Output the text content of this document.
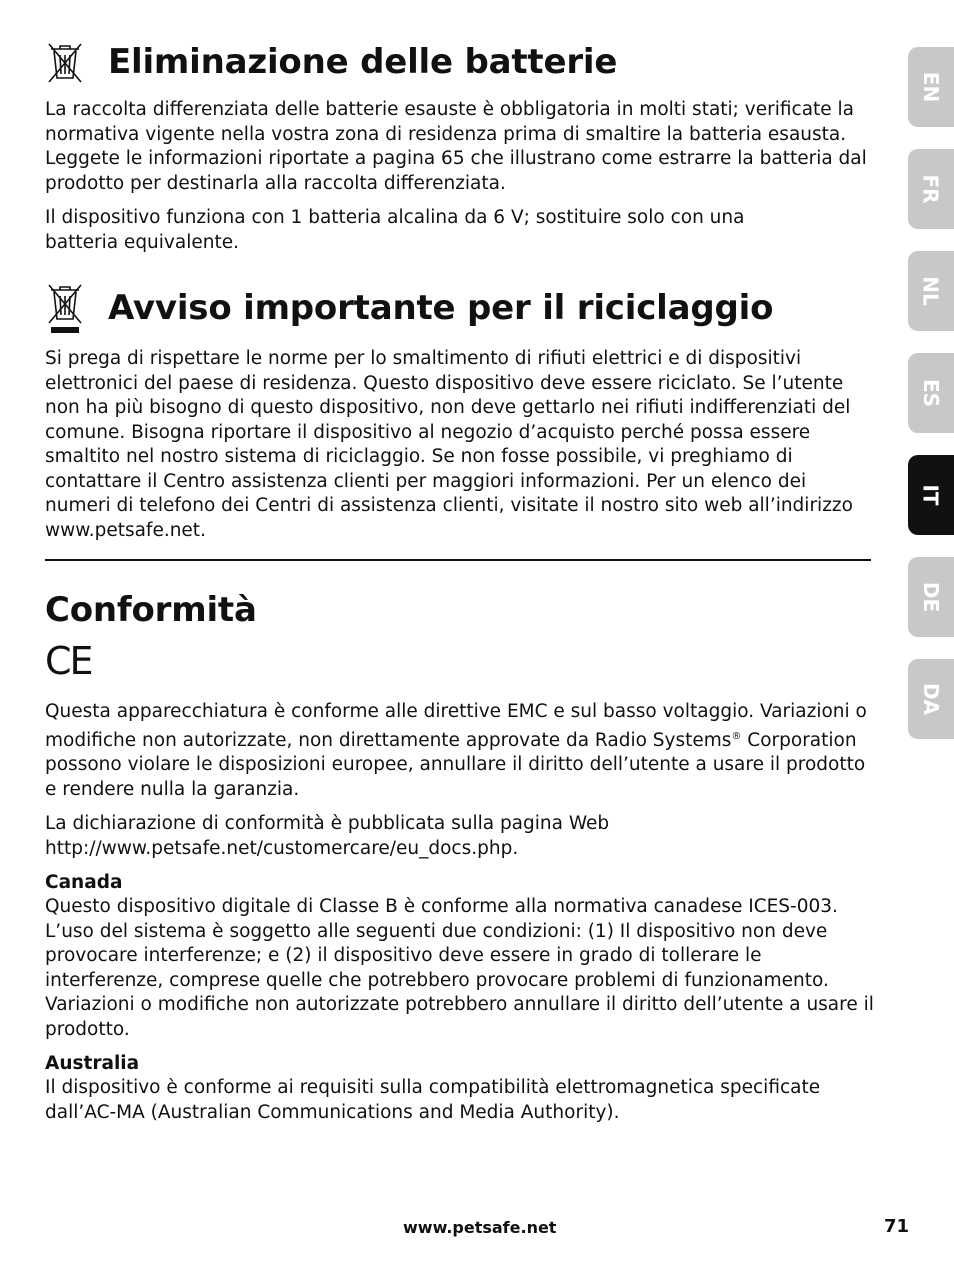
Eliminazione delle batterie

La raccolta differenziata delle batterie esauste è obbligatoria in molti stati; verificate la normativa vigente nella vostra zona di residenza prima di smaltire la batteria esausta. Leggete le informazioni riportate a pagina 65 che illustrano come estrarre la batteria dal prodotto per destinarla alla raccolta differenziata.

Il dispositivo funziona con 1 batteria alcalina da 6 V; sostituire solo con una batteria equivalente.

Avviso importante per il riciclaggio

Si prega di rispettare le norme per lo smaltimento di rifiuti elettrici e di dispositivi elettronici del paese di residenza. Questo dispositivo deve essere riciclato. Se l’utente non ha più bisogno di questo dispositivo, non deve gettarlo nei rifiuti indifferenziati del comune. Bisogna riportare il dispositivo al negozio d’acquisto perché possa essere smaltito nel nostro sistema di riciclaggio. Se non fosse possibile, vi preghiamo di contattare il Centro assistenza clienti per maggiori informazioni. Per un elenco dei numeri di telefono dei Centri di assistenza clienti, visitate il nostro sito web all’indirizzo www.petsafe.net.

Conformità
CE

Questa apparecchiatura è conforme alle direttive EMC e sul basso voltaggio. Variazioni o modifiche non autorizzate, non direttamente approvate da Radio Systems® Corporation possono violare le disposizioni europee, annullare il diritto dell’utente a usare il prodotto e rendere nulla la garanzia.

La dichiarazione di conformità è pubblicata sulla pagina Web http://www.petsafe.net/customercare/eu_docs.php.

Canada

Questo dispositivo digitale di Classe B è conforme alla normativa canadese ICES-003. L’uso del sistema è soggetto alle seguenti due condizioni: (1) Il dispositivo non deve provocare interferenze; e (2) il dispositivo deve essere in grado di tollerare le interferenze, comprese quelle che potrebbero provocare problemi di funzionamento. Variazioni o modifiche non autorizzate potrebbero annullare il diritto dell’utente a usare il prodotto.

Australia

Il dispositivo è conforme ai requisiti sulla compatibilità elettromagnetica specificate dall’AC-MA (Australian Communications and Media Authority).

EN
FR
NL
ES
IT
DE
DA
www.petsafe.net	71
